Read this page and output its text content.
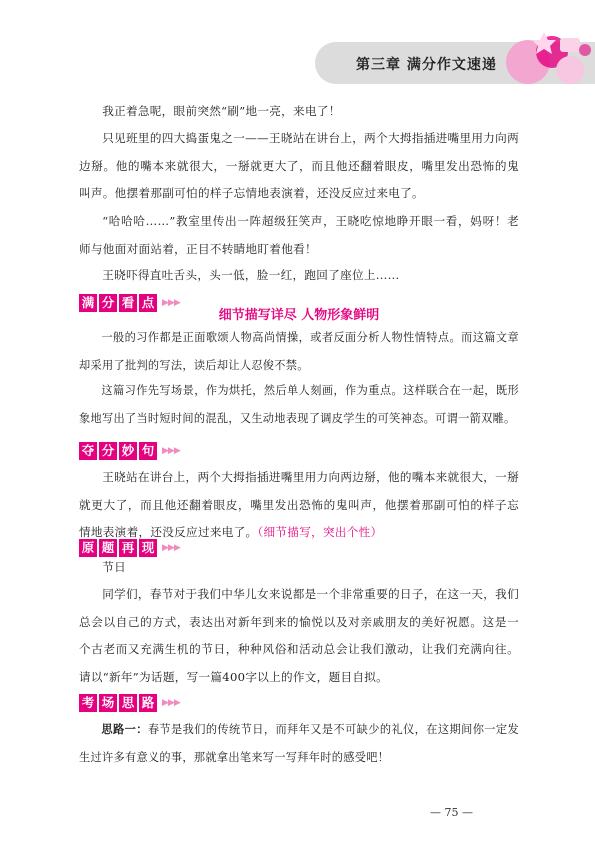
第三章 满分作文速递

我正着急呢，眼前突然“刷”地一亮，来电了！

只见班里的四大捣蛋鬼之一——王晓站在讲台上，两个大拇指插进嘴里用力向两边掰。他的嘴本来就很大，一掰就更大了，而且他还翻着眼皮，嘴里发出恐怖的鬼叫声。他摆着那副可怕的样子忘情地表演着，还没反应过来电了。

“哈哈哈……”教室里传出一阵超级狂笑声，王晓吃惊地睁开眼一看，妈呀！老师与他面对面站着，正目不转睛地盯着他看！

王晓吓得直吐舌头，头一低，脸一红，跑回了座位上……

满 分 看 点 ▶▶▶
细节描写详尽 人物形象鲜明

一般的习作都是正面歌颂人物高尚情操，或者反面分析人物性情特点。而这篇文章却采用了批判的写法，读后却让人忍俊不禁。

这篇习作先写场景，作为烘托，然后单人刻画，作为重点。这样联合在一起，既形象地写出了当时短时间的混乱，又生动地表现了调皮学生的可笑神态。可谓一箭双雕。

夺 分 妙 句 ▶▶▶

王晓站在讲台上，两个大拇指插进嘴里用力向两边掰，他的嘴本来就很大，一掰就更大了，而且他还翻着眼皮，嘴里发出恐怖的鬼叫声，他摆着那副可怕的样子忘情地表演着，还没反应过来电了。（细节描写，突出个性）

原 题 再 现 ▶▶▶

节日

同学们，春节对于我们中华儿女来说都是一个非常重要的日子，在这一天，我们总会以自己的方式，表达出对新年到来的愉悦以及对亲戚朋友的美好祝愿。这是一个古老而又充满生机的节日，种种风俗和活动总会让我们激动，让我们充满向往。请以“新年”为话题，写一篇400字以上的作文，题目自拟。

考 场 思 路 ▶▶▶

思路一：春节是我们的传统节日，而拜年又是不可缺少的礼仪，在这期间你一定发生过许多有意义的事，那就拿出笔来写一写拜年时的感受吧！

— 75 —
